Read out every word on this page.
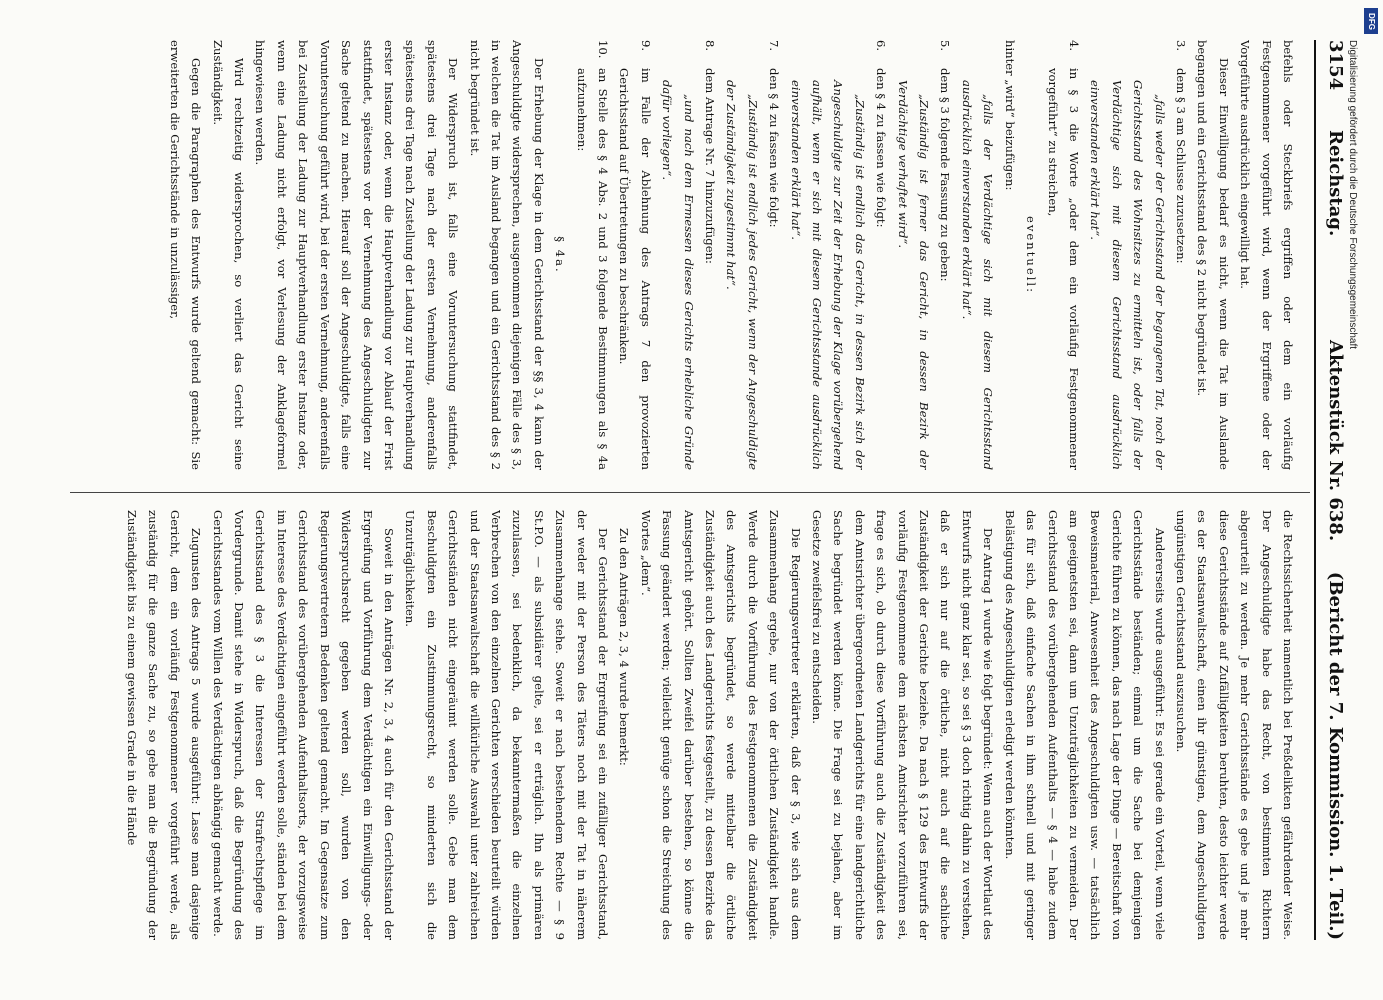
3154
Reichstag.
Aktenstück Nr. 638.
(Bericht der 7. Kommission. 1. Teil.)

befehls oder Steckbriefs ergriffen oder dem ein vorläufig Festgenommener vorgeführt wird, wenn der Ergriffene oder der Vorgeführte ausdrücklich eingewilligt hat.

Dieser Einwilligung bedarf es nicht, wenn die Tat im Auslande begangen und ein Gerichtsstand des § 2 nicht begründet ist.

3.
dem § 3 am Schlusse zuzusetzen:

„falls weder der Gerichtsstand der begangenen Tat, noch der Gerichtsstand des Wohnsitzes zu ermitteln ist, oder falls der Verdächtige sich mit diesem Gerichtsstand ausdrücklich einverstanden erklärt hat“.

4.
in § 3 die Worte „oder dem ein vorläufig Festgenommener vorgeführt“ zu streichen,

eventuell:

hinter „wird“ beizufügen:

„falls der Verdächtige sich mit diesem Gerichtsstand ausdrücklich einverstanden erklärt hat“.

5.
dem § 3 folgende Fassung zu geben:

„Zuständig ist ferner das Gericht, in dessen Bezirk der Verdächtige verhaftet wird“.

6.
den § 4 zu fassen wie folgt:

„Zuständig ist endlich das Gericht, in dessen Bezirk sich der Angeschuldigte zur Zeit der Erhebung der Klage vorübergehend aufhält, wenn er sich mit diesem Gerichtsstande ausdrücklich einverstanden erklärt hat“.

7.
den § 4 zu fassen wie folgt:

„Zuständig ist endlich jedes Gericht, wenn der Angeschuldigte der Zuständigkeit zugestimmt hat“.

8.
dem Antrage Nr. 7 hinzuzufügen:

„und nach dem Ermessen dieses Gerichts erhebliche Gründe dafür vorliegen“.

9.
im Falle der Ablehnung des Antrags 7 den provozierten Gerichtsstand auf Übertretungen zu beschränken.

10.
an Stelle des § 4 Abs. 2 und 3 folgende Bestimmungen als § 4a aufzunehmen:

§ 4a.

Der Erhebung der Klage in dem Gerichtsstand der §§ 3, 4 kann der Angeschuldigte widersprechen, ausgenommen diejenigen Fälle des § 3, in welchen die Tat im Ausland begangen und ein Gerichtsstand des § 2 nicht begründet ist.

Der Widerspruch ist, falls eine Voruntersuchung stattfindet, spätestens drei Tage nach der ersten Vernehmung, anderenfalls spätestens drei Tage nach Zustellung der Ladung zur Hauptverhandlung erster Instanz oder, wenn die Hauptverhandlung vor Ablauf der Frist stattfindet, spätestens vor der Vernehmung des Angeschuldigten zur Sache geltend zu machen. Hierauf soll der Angeschuldigte, falls eine Voruntersuchung geführt wird, bei der ersten Vernehmung, anderenfalls bei Zustellung der Ladung zur Hauptverhandlung erster Instanz oder, wenn eine Ladung nicht erfolgt, vor Verlesung der Anklageformel hingewiesen werden.

Wird rechtzeitig widersprochen, so verliert das Gericht seine Zuständigkeit.

Gegen die Paragraphen des Entwurfs wurde geltend gemacht: Sie erweiterten die Gerichtsstände in unzulässiger,

die Rechtssicherheit namentlich bei Preßdelikten gefährdender Weise. Der Angeschuldigte habe das Recht, von bestimmten Richtern abgeurteilt zu werden. Je mehr Gerichtsstände es gebe und je mehr diese Gerichtsstände auf Zufälligkeiten beruhten, desto leichter werde es der Staatsanwaltschaft, einen ihr günstigen, dem Angeschuldigten ungünstigen Gerichtsstand auszusuchen.

Andererseits wurde ausgeführt: Es sei gerade ein Vorteil, wenn viele Gerichtsstände beständen; einmal um die Sache bei demjenigen Gerichte führen zu können, das nach Lage der Dinge — Bereitschaft von Beweismaterial, Anwesenheit des Angeschuldigten usw. — tatsächlich am geeignetsten sei, dann um Unzuträglichkeiten zu vermeiden. Der Gerichtsstand des vorübergehenden Aufenthalts — § 4 — habe zudem das für sich, daß einfache Sachen in ihm schnell und mit geringer Belästigung des Angeschuldigten erledigt werden könnten.

Der Antrag 1 wurde wie folgt begründet: Wenn auch der Wortlaut des Entwurfs nicht ganz klar sei, so sei § 3 doch richtig dahin zu verstehen, daß er sich nur auf die örtliche, nicht auch auf die sachliche Zuständigkeit der Gerichte beziehe. Da nach § 129 des Entwurfs der vorläufig Festgenommene dem nächsten Amtsrichter vorzuführen sei, frage es sich, ob durch diese Vorführung auch die Zuständigkeit des dem Amtsrichter übergeordneten Landgerichts für eine landgerichtliche Sache begründet werden könne. Die Frage sei zu bejahen, aber im Gesetze zweifelsfrei zu entscheiden.

Die Regierungsvertreter erklärten, daß der § 3, wie sich aus dem Zusammenhang ergebe, nur von der örtlichen Zuständigkeit handle. Werde durch die Vorführung des Festgenommenen die Zuständigkeit des Amtsgerichts begründet, so werde mittelbar die örtliche Zuständigkeit auch des Landgerichts festgestellt, zu dessen Bezirke das Amtsgericht gehört. Sollten Zweifel darüber bestehen, so könne die Fassung geändert werden; vielleicht genüge schon die Streichung des Wortes „dem“.

Zu den Anträgen 2, 3, 4 wurde bemerkt:

Der Gerichtsstand der Ergreifung sei ein zufälliger Gerichtsstand, der weder mit der Person des Täters noch mit der Tat in näherem Zusammenhange stehe. Soweit er nach bestehendem Rechte — § 9 St.P.O. — als subsidiärer gelte, sei er erträglich. Ihn als primären zuzulassen, sei bedenklich, da bekanntermaßen die einzelnen Verbrechen von den einzelnen Gerichten verschieden beurteilt würden und der Staatsanwaltschaft die willkürliche Auswahl unter zahlreichen Gerichtsständen nicht eingeräumt werden solle. Gebe man dem Beschuldigten ein Zustimmungsrecht, so minderten sich die Unzuträglichkeiten.

Soweit in den Anträgen Nr. 2, 3, 4 auch für den Gerichtsstand der Ergreifung und Vorführung dem Verdächtigen ein Einwilligungs- oder Widerspruchsrecht gegeben werden soll, wurden von den Regierungsvertretern Bedenken geltend gemacht. Im Gegensatze zum Gerichtsstand des vorübergehenden Aufenthaltsorts, der vorzugsweise im Interesse des Verdächtigen eingeführt werden solle, ständen bei dem Gerichtsstand des § 3 die Interessen der Strafrechtspflege im Vordergrunde. Damit stehe in Widerspruch, daß die Begründung des Gerichtsstandes vom Willen des Verdächtigen abhängig gemacht werde.

Zugunsten des Antrags 5 wurde ausgeführt: Lasse man dasjenige Gericht, dem ein vorläufig Festgenommener vorgeführt werde, als zuständig für die ganze Sache zu, so gebe man die Begründung der Zuständigkeit bis zu einem gewissen Grade in die Hände

Digitalisierung gefördert durch die Deutsche Forschungsgemeinschaft
DFG
